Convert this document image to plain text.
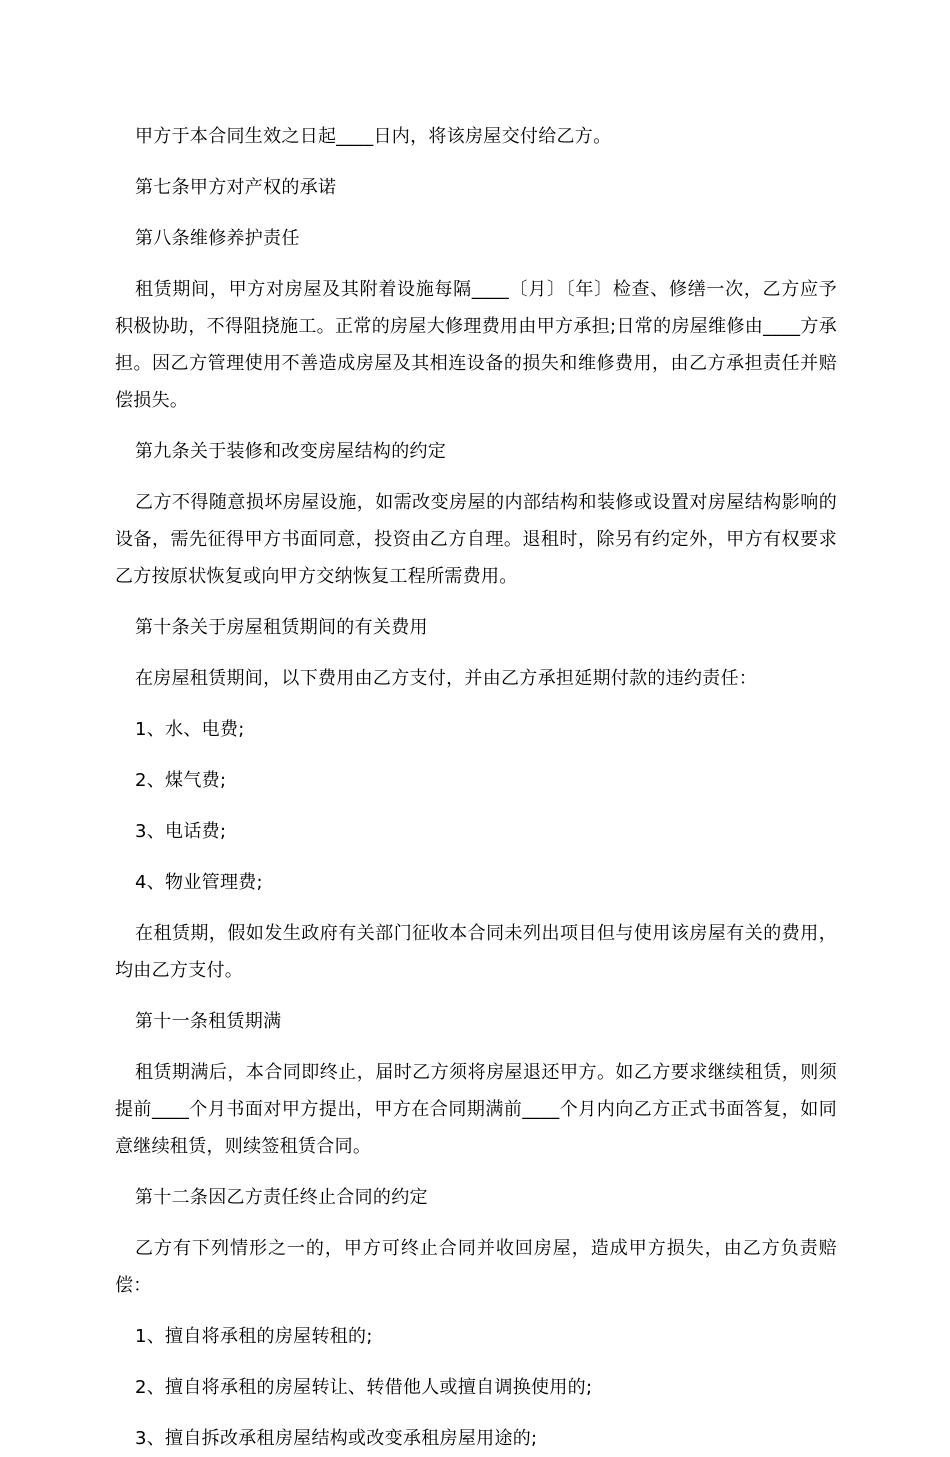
甲方于本合同生效之日起____日内，将该房屋交付给乙方。

第七条甲方对产权的承诺

第八条维修养护责任

租赁期间，甲方对房屋及其附着设施每隔____〔月〕〔年〕检查、修缮一次，乙方应予积极协助，不得阻挠施工。正常的房屋大修理费用由甲方承担;日常的房屋维修由____方承担。因乙方管理使用不善造成房屋及其相连设备的损失和维修费用，由乙方承担责任并赔偿损失。

第九条关于装修和改变房屋结构的约定

乙方不得随意损坏房屋设施，如需改变房屋的内部结构和装修或设置对房屋结构影响的设备，需先征得甲方书面同意，投资由乙方自理。退租时，除另有约定外，甲方有权要求乙方按原状恢复或向甲方交纳恢复工程所需费用。

第十条关于房屋租赁期间的有关费用

在房屋租赁期间，以下费用由乙方支付，并由乙方承担延期付款的违约责任：

1、水、电费;

2、煤气费;

3、电话费;

4、物业管理费;

在租赁期，假如发生政府有关部门征收本合同未列出项目但与使用该房屋有关的费用，均由乙方支付。

第十一条租赁期满

租赁期满后，本合同即终止，届时乙方须将房屋退还甲方。如乙方要求继续租赁，则须提前____个月书面对甲方提出，甲方在合同期满前____个月内向乙方正式书面答复，如同意继续租赁，则续签租赁合同。

第十二条因乙方责任终止合同的约定

乙方有下列情形之一的，甲方可终止合同并收回房屋，造成甲方损失，由乙方负责赔偿：

1、擅自将承租的房屋转租的;

2、擅自将承租的房屋转让、转借他人或擅自调换使用的;

3、擅自拆改承租房屋结构或改变承租房屋用途的;
